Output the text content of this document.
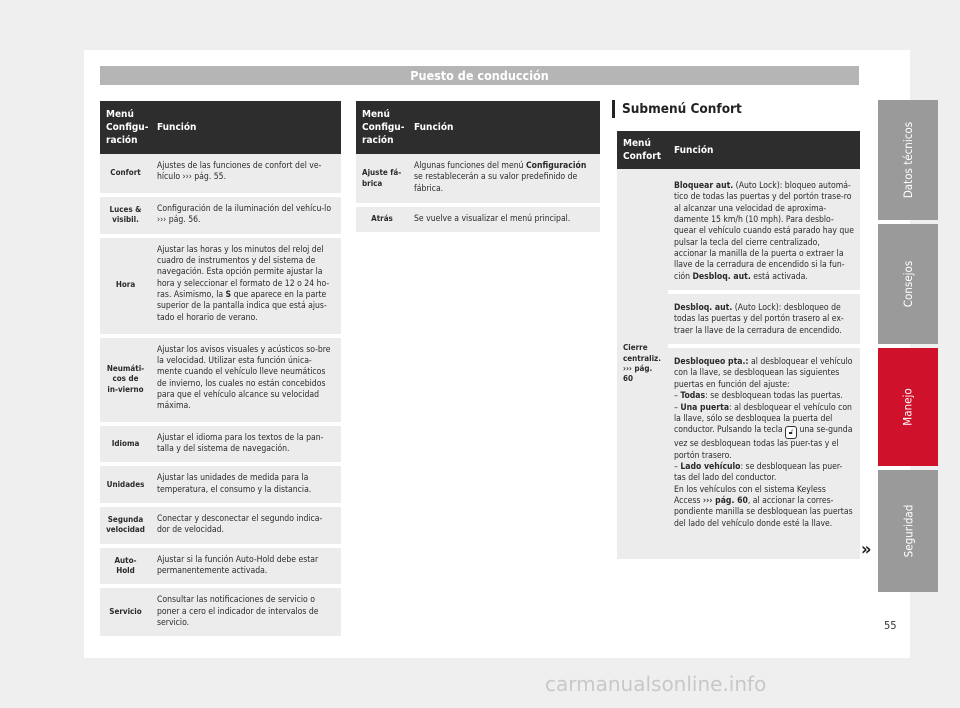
Puesto de conducción
Menú Configu-ración	Función
Confort	Ajustes de las funciones de confort del ve-hículo ››› pág. 55.
Luces & visibil.	Configuración de la iluminación del vehícu-lo ››› pág. 56.
Hora	Ajustar las horas y los minutos del reloj del cuadro de instrumentos y del sistema de navegación. Esta opción permite ajustar la hora y seleccionar el formato de 12 o 24 ho-ras. Asimismo, la S que aparece en la parte superior de la pantalla indica que está ajus-tado el horario de verano.
Neumáti-cos de in-vierno	Ajustar los avisos visuales y acústicos so-bre la velocidad. Utilizar esta función única-mente cuando el vehículo lleve neumáticos de invierno, los cuales no están concebidos para que el vehículo alcance su velocidad máxima.
Idioma	Ajustar el idioma para los textos de la pan-talla y del sistema de navegación.
Unidades	Ajustar las unidades de medida para la temperatura, el consumo y la distancia.
Segunda velocidad	Conectar y desconectar el segundo indica-dor de velocidad.
Auto-Hold	Ajustar si la función Auto-Hold debe estar permanentemente activada.
Servicio	Consultar las notificaciones de servicio o poner a cero el indicador de intervalos de servicio.
Menú Configu-ración	Función
Ajuste fá-brica	Algunas funciones del menú Configuración se restablecerán a su valor predefinido de fábrica.
Atrás	Se vuelve a visualizar el menú principal.
Submenú Confort
Menú Confort	Función
Cierre centraliz. ››› pág. 60	Bloquear aut. (Auto Lock): bloqueo automá-tico de todas las puertas y del portón trase-ro al alcanzar una velocidad de aproxima-damente 15 km/h (10 mph). Para desblo-quear el vehículo cuando está parado hay que pulsar la tecla del cierre centralizado, accionar la manilla de la puerta o extraer la llave de la cerradura de encendido si la fun-ción Desbloq. aut. está activada.
	Desbloq. aut. (Auto Lock): desbloqueo de todas las puertas y del portón trasero al ex-traer la llave de la cerradura de encendido.

	Desbloqueo pta.: al desbloquear el vehículo con la llave, se desbloquean las siguientes puertas en función del ajuste:
– Todas: se desbloquean todas las puertas.
– Una puerta: al desbloquear el vehículo con la llave, sólo se desbloquea la puerta del conductor. Pulsando la tecla 🔓︎ una se-gunda vez se desbloquean todas las puer-tas y el portón trasero.
– Lado vehículo: se desbloquean las puer-tas del lado del conductor.
En los vehículos con el sistema Keyless Access ››› pág. 60, al accionar la corres-pondiente manilla se desbloquean las puertas del lado del vehículo donde esté la llave.
»
Datos técnicos
Consejos
Manejo
Seguridad
55
carmanualsonline.info
